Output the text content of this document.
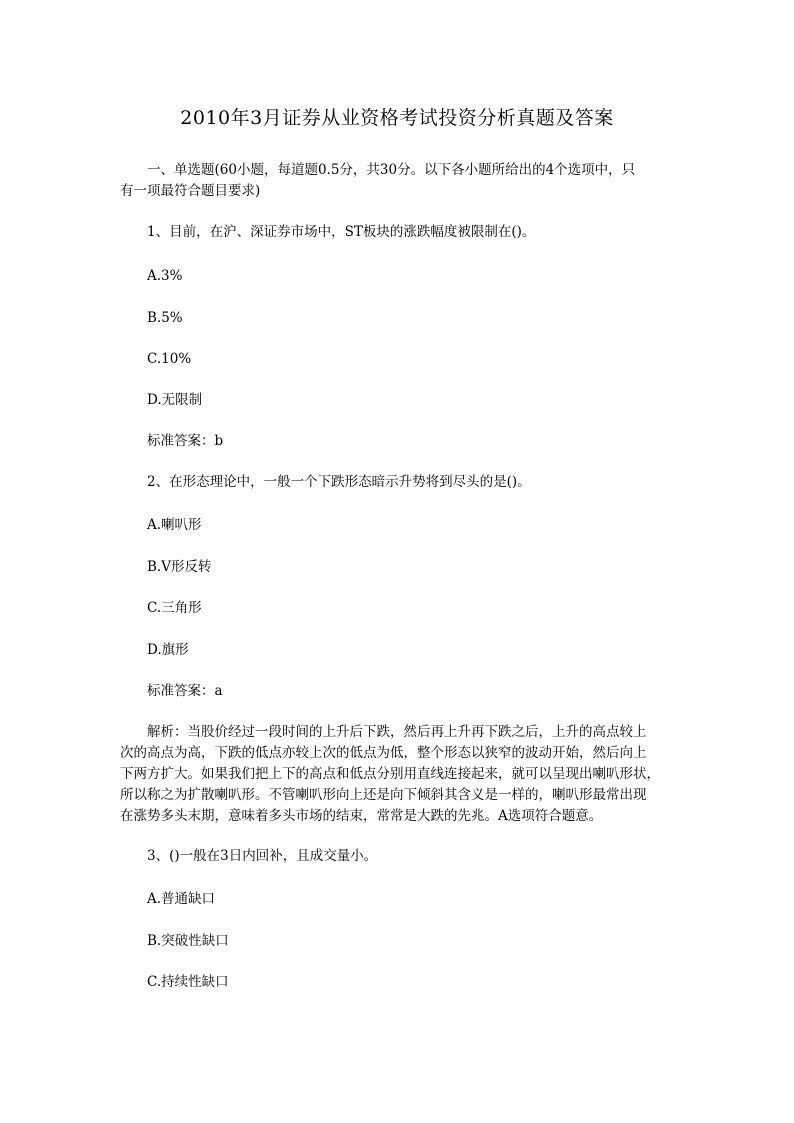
2010年3月证券从业资格考试投资分析真题及答案
一、单选题(60小题，每道题0.5分，共30分。以下各小题所给出的4个选项中，只
有一项最符合题目要求)
1、目前，在沪、深证券市场中，ST板块的涨跌幅度被限制在()。
A.3%
B.5%
C.10%
D.无限制
标准答案：b
2、在形态理论中，一般一个下跌形态暗示升势将到尽头的是()。
A.喇叭形
B.V形反转
C.三角形
D.旗形
标准答案：a
解析：当股价经过一段时间的上升后下跌，然后再上升再下跌之后，上升的高点较上
次的高点为高，下跌的低点亦较上次的低点为低，整个形态以狭窄的波动开始，然后向上
下两方扩大。如果我们把上下的高点和低点分别用直线连接起来，就可以呈现出喇叭形状，
所以称之为扩散喇叭形。不管喇叭形向上还是向下倾斜其含义是一样的，喇叭形最常出现
在涨势多头末期，意味着多头市场的结束，常常是大跌的先兆。A选项符合题意。
3、()一般在3日内回补，且成交量小。
A.普通缺口
B.突破性缺口
C.持续性缺口
